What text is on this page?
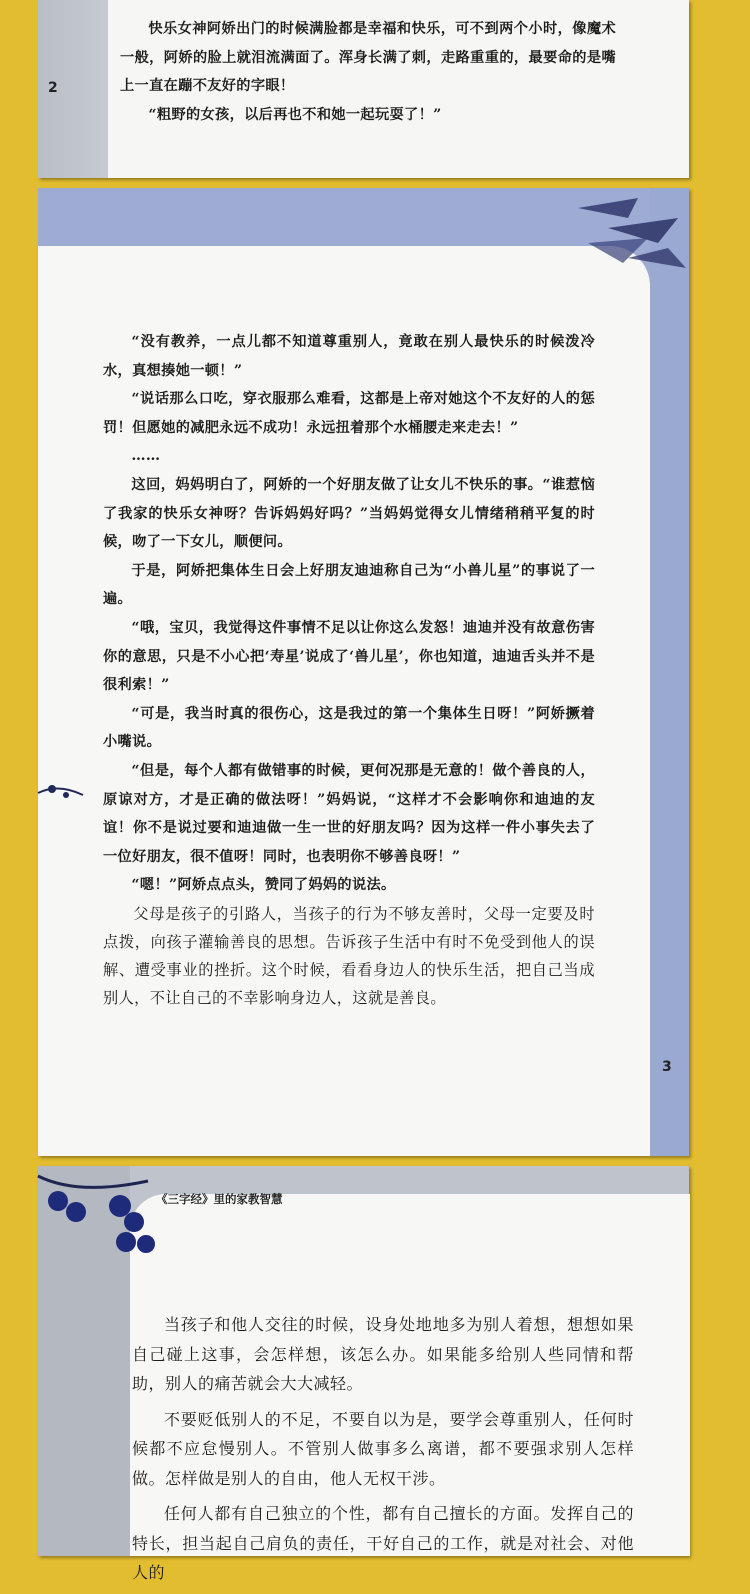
2

快乐女神阿娇出门的时候满脸都是幸福和快乐，可不到两个小时，像魔术一般，阿娇的脸上就泪流满面了。浑身长满了刺，走路重重的，最要命的是嘴上一直在蹦不友好的字眼！

“粗野的女孩，以后再也不和她一起玩耍了！”

“没有教养，一点儿都不知道尊重别人，竟敢在别人最快乐的时候泼冷水，真想揍她一顿！”

“说话那么口吃，穿衣服那么难看，这都是上帝对她这个不友好的人的惩罚！但愿她的减肥永远不成功！永远扭着那个水桶腰走来走去！”

……

这回，妈妈明白了，阿娇的一个好朋友做了让女儿不快乐的事。“谁惹恼了我家的快乐女神呀？告诉妈妈好吗？”当妈妈觉得女儿情绪稍稍平复的时候，吻了一下女儿，顺便问。

于是，阿娇把集体生日会上好朋友迪迪称自己为“小兽儿星”的事说了一遍。

“哦，宝贝，我觉得这件事情不足以让你这么发怒！迪迪并没有故意伤害你的意思，只是不小心把‘寿星’说成了‘兽儿星’，你也知道，迪迪舌头并不是很利索！”

“可是，我当时真的很伤心，这是我过的第一个集体生日呀！”阿娇撅着小嘴说。

“但是，每个人都有做错事的时候，更何况那是无意的！做个善良的人，原谅对方，才是正确的做法呀！”妈妈说，“这样才不会影响你和迪迪的友谊！你不是说过要和迪迪做一生一世的好朋友吗？因为这样一件小事失去了一位好朋友，很不值呀！同时，也表明你不够善良呀！”

“嗯！”阿娇点点头，赞同了妈妈的说法。

父母是孩子的引路人，当孩子的行为不够友善时，父母一定要及时点拨，向孩子灌输善良的思想。告诉孩子生活中有时不免受到他人的误解、遭受事业的挫折。这个时候，看看身边人的快乐生活，把自己当成别人，不让自己的不幸影响身边人，这就是善良。

3
《三字经》里的家教智慧

当孩子和他人交往的时候，设身处地地多为别人着想，想想如果自己碰上这事，会怎样想，该怎么办。如果能多给别人些同情和帮助，别人的痛苦就会大大减轻。

不要贬低别人的不足，不要自以为是，要学会尊重别人，任何时候都不应怠慢别人。不管别人做事多么离谱，都不要强求别人怎样做。怎样做是别人的自由，他人无权干涉。

任何人都有自己独立的个性，都有自己擅长的方面。发挥自己的特长，担当起自己肩负的责任，干好自己的工作，就是对社会、对他人的
